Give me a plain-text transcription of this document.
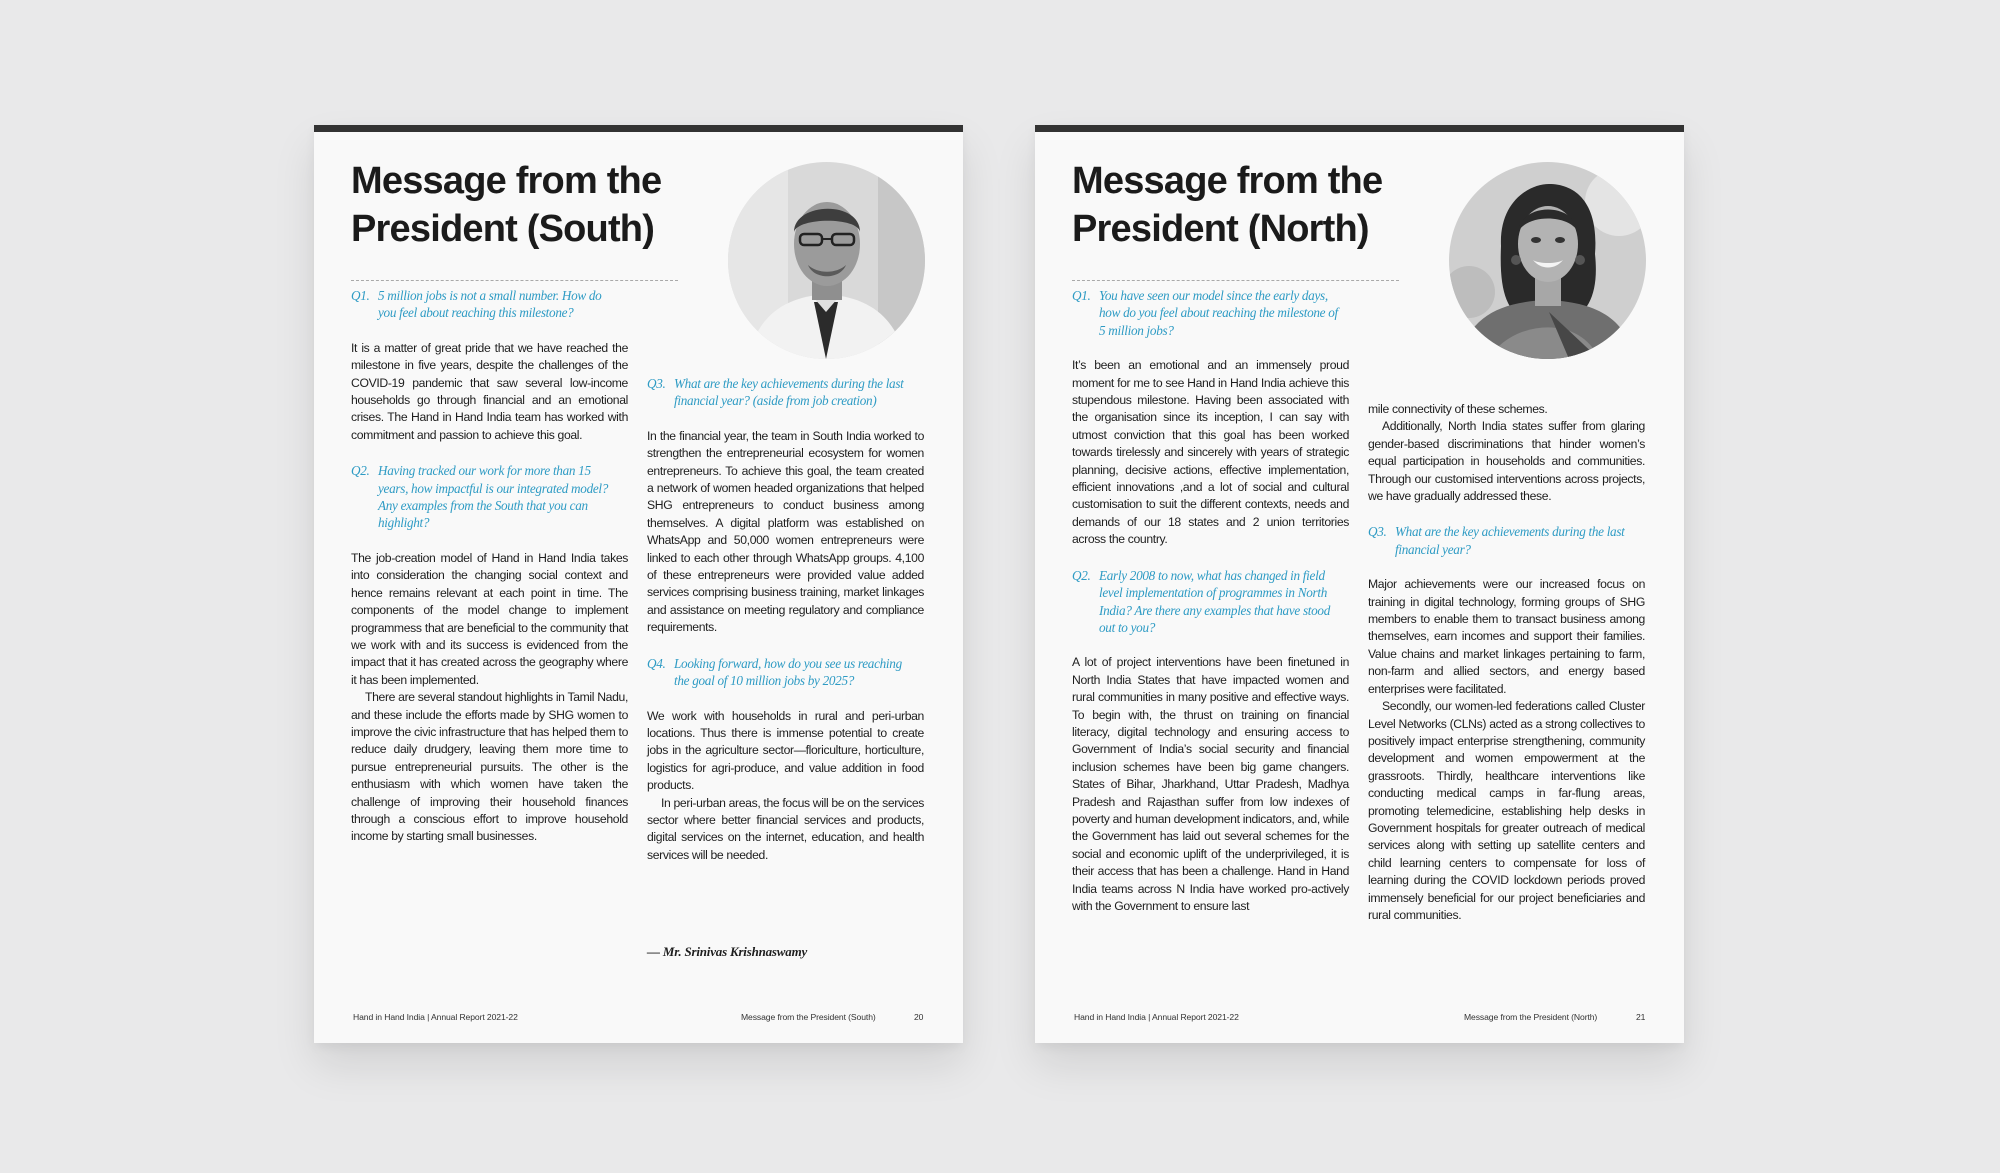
Message from the
President (South)
Q1. 5 million jobs is not a small number. How do you feel about reaching this milestone?

It is a matter of great pride that we have reached the milestone in five years, despite the challenges of the COVID-19 pandemic that saw several low-income households go through financial and an emotional crises. The Hand in Hand India team has worked with commitment and passion to achieve this goal.

Q2. Having tracked our work for more than 15 years, how impactful is our integrated model? Any examples from the South that you can highlight?

The job-creation model of Hand in Hand India takes into consideration the changing social context and hence remains relevant at each point in time. The components of the model change to implement programmess that are beneficial to the community that we work with and its success is evidenced from the impact that it has created across the geography where it has been implemented.

There are several standout highlights in Tamil Nadu, and these include the efforts made by SHG women to improve the civic infrastructure that has helped them to reduce daily drudgery, leaving them more time to pursue entrepreneurial pursuits. The other is the enthusiasm with which women have taken the challenge of improving their household finances through a conscious effort to improve household income by starting small businesses.

Q3. What are the key achievements during the last financial year? (aside from job creation)

In the financial year, the team in South India worked to strengthen the entrepreneurial ecosystem for women entrepreneurs. To achieve this goal, the team created a network of women headed organizations that helped SHG entrepreneurs to conduct business among themselves. A digital platform was established on WhatsApp and 50,000 women entrepreneurs were linked to each other through WhatsApp groups. 4,100 of these entrepreneurs were provided value added services comprising business training, market linkages and assistance on meeting regulatory and compliance requirements.

Q4. Looking forward, how do you see us reaching the goal of 10 million jobs by 2025?

We work with households in rural and peri-urban locations. Thus there is immense potential to create jobs in the agriculture sector—floriculture, horticulture, logistics for agri-produce, and value addition in food products.

In peri-urban areas, the focus will be on the services sector where better financial services and products, digital services on the internet, education, and health services will be needed.

— Mr. Srinivas Krishnaswamy

Hand in Hand India | Annual Report 2021-22	Message from the President (South)	20
Message from the
President (North)
Q1. You have seen our model since the early days, how do you feel about reaching the milestone of 5 million jobs?

It’s been an emotional and an immensely proud moment for me to see Hand in Hand India achieve this stupendous milestone. Having been associated with the organisation since its inception, I can say with utmost conviction that this goal has been worked towards tirelessly and sincerely with years of strategic planning, decisive actions, effective implementation, efficient innovations ,and a lot of social and cultural customisation to suit the different contexts, needs and demands of our 18 states and 2 union territories across the country.

Q2. Early 2008 to now, what has changed in field level implementation of programmes in North India? Are there any examples that have stood out to you?

A lot of project interventions have been finetuned in North India States that have impacted women and rural communities in many positive and effective ways. To begin with, the thrust on training on financial literacy, digital technology and ensuring access to Government of India’s social security and financial inclusion schemes have been big game changers. States of Bihar, Jharkhand, Uttar Pradesh, Madhya Pradesh and Rajasthan suffer from low indexes of poverty and human development indicators, and, while the Government has laid out several schemes for the social and economic uplift of the underprivileged, it is their access that has been a challenge. Hand in Hand India teams across N India have worked pro-actively with the Government to ensure last

mile connectivity of these schemes.

Additionally, North India states suffer from glaring gender-based discriminations that hinder women’s equal participation in households and communities. Through our customised interventions across projects, we have gradually addressed these.

Q3. What are the key achievements during the last financial year?

Major achievements were our increased focus on training in digital technology, forming groups of SHG members to enable them to transact business among themselves, earn incomes and support their families. Value chains and market linkages pertaining to farm, non-farm and allied sectors, and energy based enterprises were facilitated.

Secondly, our women-led federations called Cluster Level Networks (CLNs) acted as a strong collectives to positively impact enterprise strengthening, community development and women empowerment at the grassroots. Thirdly, healthcare interventions like conducting medical camps in far-flung areas, promoting telemedicine, establishing help desks in Government hospitals for greater outreach of medical services along with setting up satellite centers and child learning centers to compensate for loss of learning during the COVID lockdown periods proved immensely beneficial for our project beneficiaries and rural communities.

Hand in Hand India | Annual Report 2021-22	Message from the President (North)	21
